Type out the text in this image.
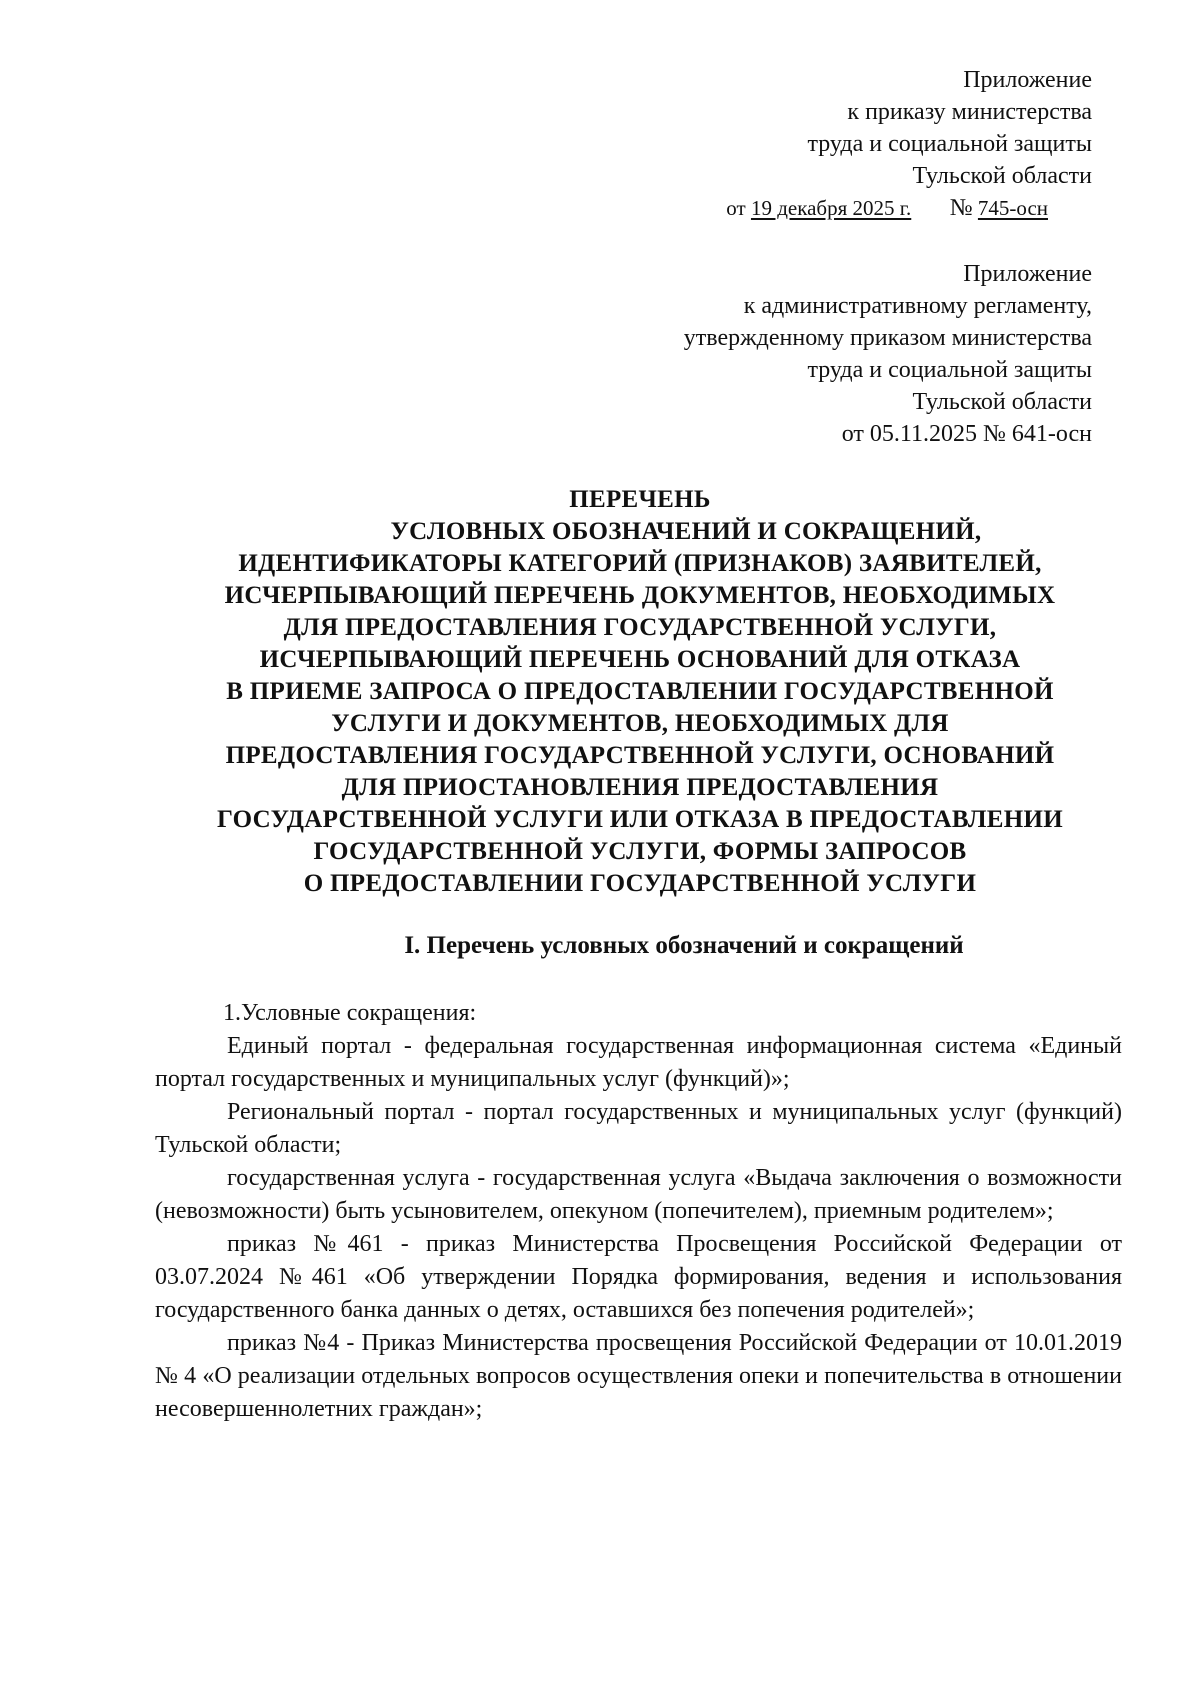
Приложение
к приказу министерства
труда и социальной защиты
Тульской области
от 19 декабря 2025 г. № 745-осн
Приложение
к административному регламенту,
утвержденному приказом министерства
труда и социальной защиты
Тульской области
от 05.11.2025 № 641-осн
ПЕРЕЧЕНЬ
УСЛОВНЫХ ОБОЗНАЧЕНИЙ И СОКРАЩЕНИЙ,
ИДЕНТИФИКАТОРЫ КАТЕГОРИЙ (ПРИЗНАКОВ) ЗАЯВИТЕЛЕЙ,
ИСЧЕРПЫВАЮЩИЙ ПЕРЕЧЕНЬ ДОКУМЕНТОВ, НЕОБХОДИМЫХ
ДЛЯ ПРЕДОСТАВЛЕНИЯ ГОСУДАРСТВЕННОЙ УСЛУГИ,
ИСЧЕРПЫВАЮЩИЙ ПЕРЕЧЕНЬ ОСНОВАНИЙ ДЛЯ ОТКАЗА
В ПРИЕМЕ ЗАПРОСА О ПРЕДОСТАВЛЕНИИ ГОСУДАРСТВЕННОЙ
УСЛУГИ И ДОКУМЕНТОВ, НЕОБХОДИМЫХ ДЛЯ
ПРЕДОСТАВЛЕНИЯ ГОСУДАРСТВЕННОЙ УСЛУГИ, ОСНОВАНИЙ
ДЛЯ ПРИОСТАНОВЛЕНИЯ ПРЕДОСТАВЛЕНИЯ
ГОСУДАРСТВЕННОЙ УСЛУГИ ИЛИ ОТКАЗА В ПРЕДОСТАВЛЕНИИ
ГОСУДАРСТВЕННОЙ УСЛУГИ, ФОРМЫ ЗАПРОСОВ
О ПРЕДОСТАВЛЕНИИ ГОСУДАРСТВЕННОЙ УСЛУГИ
I. Перечень условных обозначений и сокращений

1.Условные сокращения:

Единый портал - федеральная государственная информационная система «Единый портал государственных и муниципальных услуг (функций)»;

Региональный портал - портал государственных и муниципальных услуг (функций) Тульской области;

государственная услуга - государственная услуга «Выдача заключения о возможности (невозможности) быть усыновителем, опекуном (попечителем), приемным родителем»;

приказ №461 - приказ Министерства Просвещения Российской Федерации от 03.07.2024 №461 «Об утверждении Порядка формирования, ведения и использования государственного банка данных о детях, оставшихся без попечения родителей»;

приказ №4 - Приказ Министерства просвещения Российской Федерации от 10.01.2019 № 4 «О реализации отдельных вопросов осуществления опеки и попечительства в отношении несовершеннолетних граждан»;
